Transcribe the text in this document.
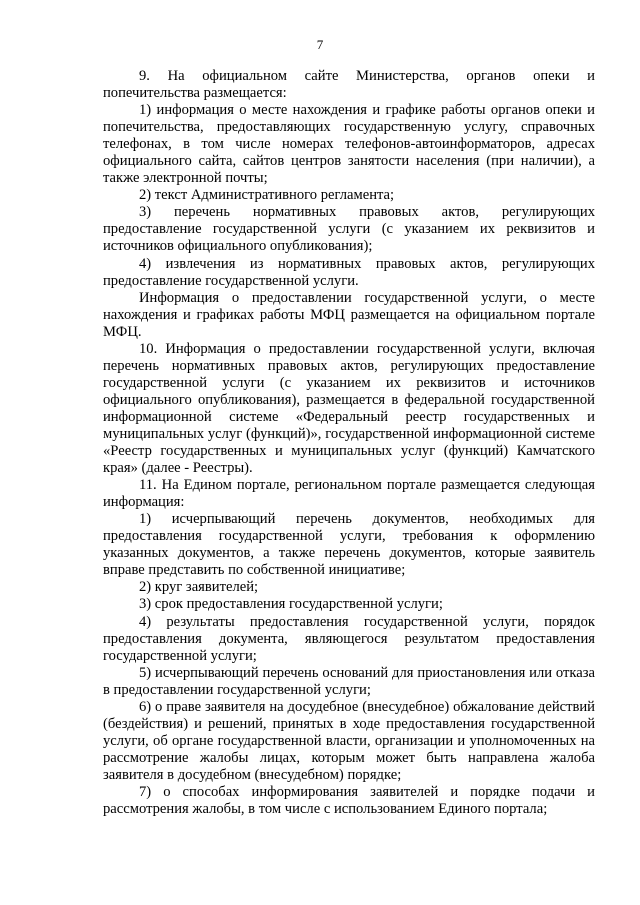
7

9. На официальном сайте Министерства, органов опеки и попечительства размещается:

1) информация о месте нахождения и графике работы органов опеки и попечительства, предоставляющих государственную услугу, справочных телефонах, в том числе номерах телефонов-автоинформаторов, адресах официального сайта, сайтов центров занятости населения (при наличии), а также электронной почты;

2) текст Административного регламента;

3) перечень нормативных правовых актов, регулирующих предоставление государственной услуги (с указанием их реквизитов и источников официального опубликования);

4) извлечения из нормативных правовых актов, регулирующих предоставление государственной услуги.

Информация о предоставлении государственной услуги, о месте нахождения и графиках работы МФЦ размещается на официальном портале МФЦ.

10. Информация о предоставлении государственной услуги, включая перечень нормативных правовых актов, регулирующих предоставление государственной услуги (с указанием их реквизитов и источников официального опубликования), размещается в федеральной государственной информационной системе «Федеральный реестр государственных и муниципальных услуг (функций)», государственной информационной системе «Реестр государственных и муниципальных услуг (функций) Камчатского края» (далее - Реестры).

11. На Едином портале, региональном портале размещается следующая информация:

1) исчерпывающий перечень документов, необходимых для предоставления государственной услуги, требования к оформлению указанных документов, а также перечень документов, которые заявитель вправе представить по собственной инициативе;

2) круг заявителей;

3) срок предоставления государственной услуги;

4) результаты предоставления государственной услуги, порядок предоставления документа, являющегося результатом предоставления государственной услуги;

5) исчерпывающий перечень оснований для приостановления или отказа в предоставлении государственной услуги;

6) о праве заявителя на досудебное (внесудебное) обжалование действий (бездействия) и решений, принятых в ходе предоставления государственной услуги, об органе государственной власти, организации и уполномоченных на рассмотрение жалобы лицах, которым может быть направлена жалоба заявителя в досудебном (внесудебном) порядке;

7) о способах информирования заявителей и порядке подачи и рассмотрения жалобы, в том числе с использованием Единого портала;
